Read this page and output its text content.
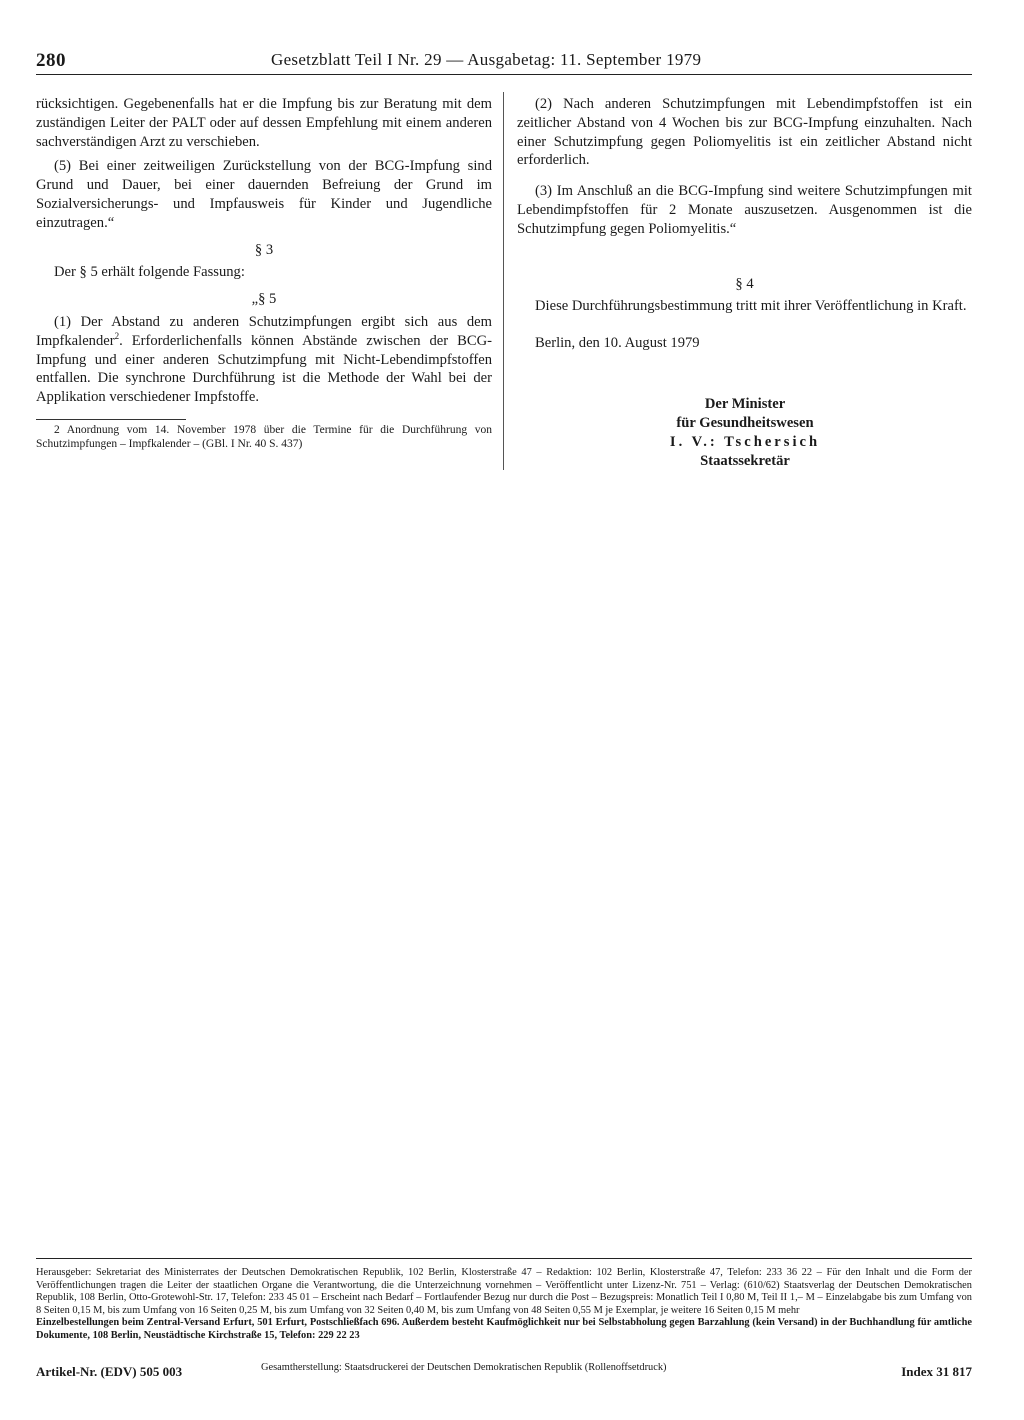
280	Gesetzblatt Teil I Nr. 29 — Ausgabetag: 11. September 1979

rücksichtigen. Gegebenenfalls hat er die Impfung bis zur Beratung mit dem zuständigen Leiter der PALT oder auf dessen Empfehlung mit einem anderen sachverständigen Arzt zu verschieben.

(5) Bei einer zeitweiligen Zurückstellung von der BCG-Impfung sind Grund und Dauer, bei einer dauernden Befreiung der Grund im Sozialversicherungs- und Impfausweis für Kinder und Jugendliche einzutragen.“

§ 3

Der § 5 erhält folgende Fassung:

„§ 5

(1) Der Abstand zu anderen Schutzimpfungen ergibt sich aus dem Impfkalender$^2$. Erforderlichenfalls können Abstände zwischen der BCG-Impfung und einer anderen Schutzimpfung mit Nicht-Lebendimpfstoffen entfallen. Die synchrone Durchführung ist die Methode der Wahl bei der Applikation verschiedener Impfstoffe.

2 Anordnung vom 14. November 1978 über die Termine für die Durchführung von Schutzimpfungen – Impfkalender – (GBl. I Nr. 40 S. 437)

(2) Nach anderen Schutzimpfungen mit Lebendimpfstoffen ist ein zeitlicher Abstand von 4 Wochen bis zur BCG-Impfung einzuhalten. Nach einer Schutzimpfung gegen Poliomyelitis ist ein zeitlicher Abstand nicht erforderlich.

(3) Im Anschluß an die BCG-Impfung sind weitere Schutzimpfungen mit Lebendimpfstoffen für 2 Monate auszusetzen. Ausgenommen ist die Schutzimpfung gegen Poliomyelitis.“

§ 4

Diese Durchführungsbestimmung tritt mit ihrer Veröffentlichung in Kraft.

Berlin, den 10. August 1979

Der Minister
für Gesundheitswesen
I. V.: Tschersich
Staatssekretär

Herausgeber: Sekretariat des Ministerrates der Deutschen Demokratischen Republik, 102 Berlin, Klosterstraße 47 – Redaktion: 102 Berlin, Klosterstraße 47, Telefon: 233 36 22 – Für den Inhalt und die Form der Veröffentlichungen tragen die Leiter der staatlichen Organe die Verantwortung, die die Unterzeichnung vornehmen – Veröffentlicht unter Lizenz-Nr. 751 – Verlag: (610/62) Staatsverlag der Deutschen Demokratischen Republik, 108 Berlin, Otto-Grotewohl-Str. 17, Telefon: 233 45 01 – Erscheint nach Bedarf – Fortlaufender Bezug nur durch die Post – Bezugspreis: Monatlich Teil I 0,80 M, Teil II 1,– M – Einzelabgabe bis zum Umfang von 8 Seiten 0,15 M, bis zum Umfang von 16 Seiten 0,25 M, bis zum Umfang von 32 Seiten 0,40 M, bis zum Umfang von 48 Seiten 0,55 M je Exemplar, je weitere 16 Seiten 0,15 M mehr

Einzelbestellungen beim Zentral-Versand Erfurt, 501 Erfurt, Postschließfach 696. Außerdem besteht Kaufmöglichkeit nur bei Selbstabholung gegen Barzahlung (kein Versand) in der Buchhandlung für amtliche Dokumente, 108 Berlin, Neustädtische Kirchstraße 15, Telefon: 229 22 23

Artikel-Nr. (EDV) 505 003	Gesamtherstellung: Staatsdruckerei der Deutschen Demokratischen Republik (Rollenoffsetdruck)	Index 31 817
